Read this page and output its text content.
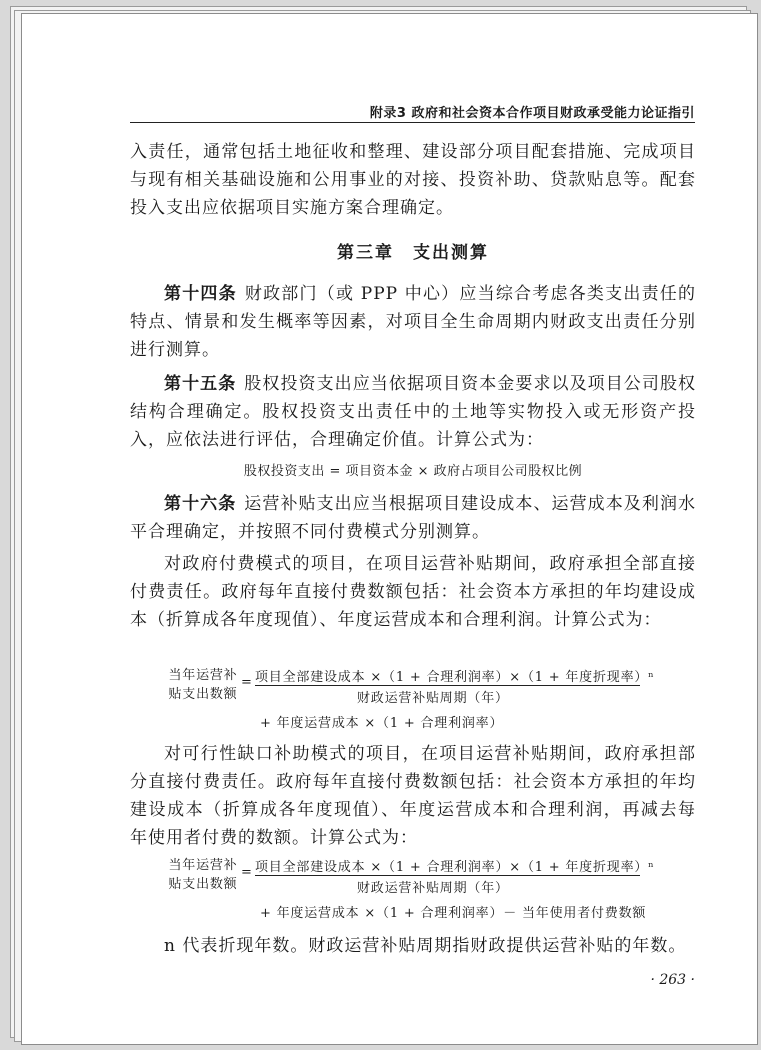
附录3 政府和社会资本合作项目财政承受能力论证指引

入责任，通常包括土地征收和整理、建设部分项目配套措施、完成项目与现有相关基础设施和公用事业的对接、投资补助、贷款贴息等。配套投入支出应依据项目实施方案合理确定。

第三章　支出测算

第十四条 财政部门（或 PPP 中心）应当综合考虑各类支出责任的特点、情景和发生概率等因素，对项目全生命周期内财政支出责任分别进行测算。

第十五条 股权投资支出应当依据项目资本金要求以及项目公司股权结构合理确定。股权投资支出责任中的土地等实物投入或无形资产投入，应依法进行评估，合理确定价值。计算公式为：

股权投资支出 = 项目资本金 × 政府占项目公司股权比例

第十六条 运营补贴支出应当根据项目建设成本、运营成本及利润水平合理确定，并按照不同付费模式分别测算。

对政府付费模式的项目，在项目运营补贴期间，政府承担全部直接付费责任。政府每年直接付费数额包括：社会资本方承担的年均建设成本（折算成各年度现值）、年度运营成本和合理利润。计算公式为：

当年运营补
贴支出数额
= 项目全部建设成本 ×（1 + 合理利润率）×（1 + 年度折现率）ⁿ
财政运营补贴周期（年）
+ 年度运营成本 ×（1 + 合理利润率）

对可行性缺口补助模式的项目，在项目运营补贴期间，政府承担部分直接付费责任。政府每年直接付费数额包括：社会资本方承担的年均建设成本（折算成各年度现值）、年度运营成本和合理利润，再减去每年使用者付费的数额。计算公式为：

当年运营补
贴支出数额
= 项目全部建设成本 ×（1 + 合理利润率）×（1 + 年度折现率）ⁿ
财政运营补贴周期（年）
+ 年度运营成本 ×（1 + 合理利润率）－ 当年使用者付费数额

n 代表折现年数。财政运营补贴周期指财政提供运营补贴的年数。

· 263 ·
